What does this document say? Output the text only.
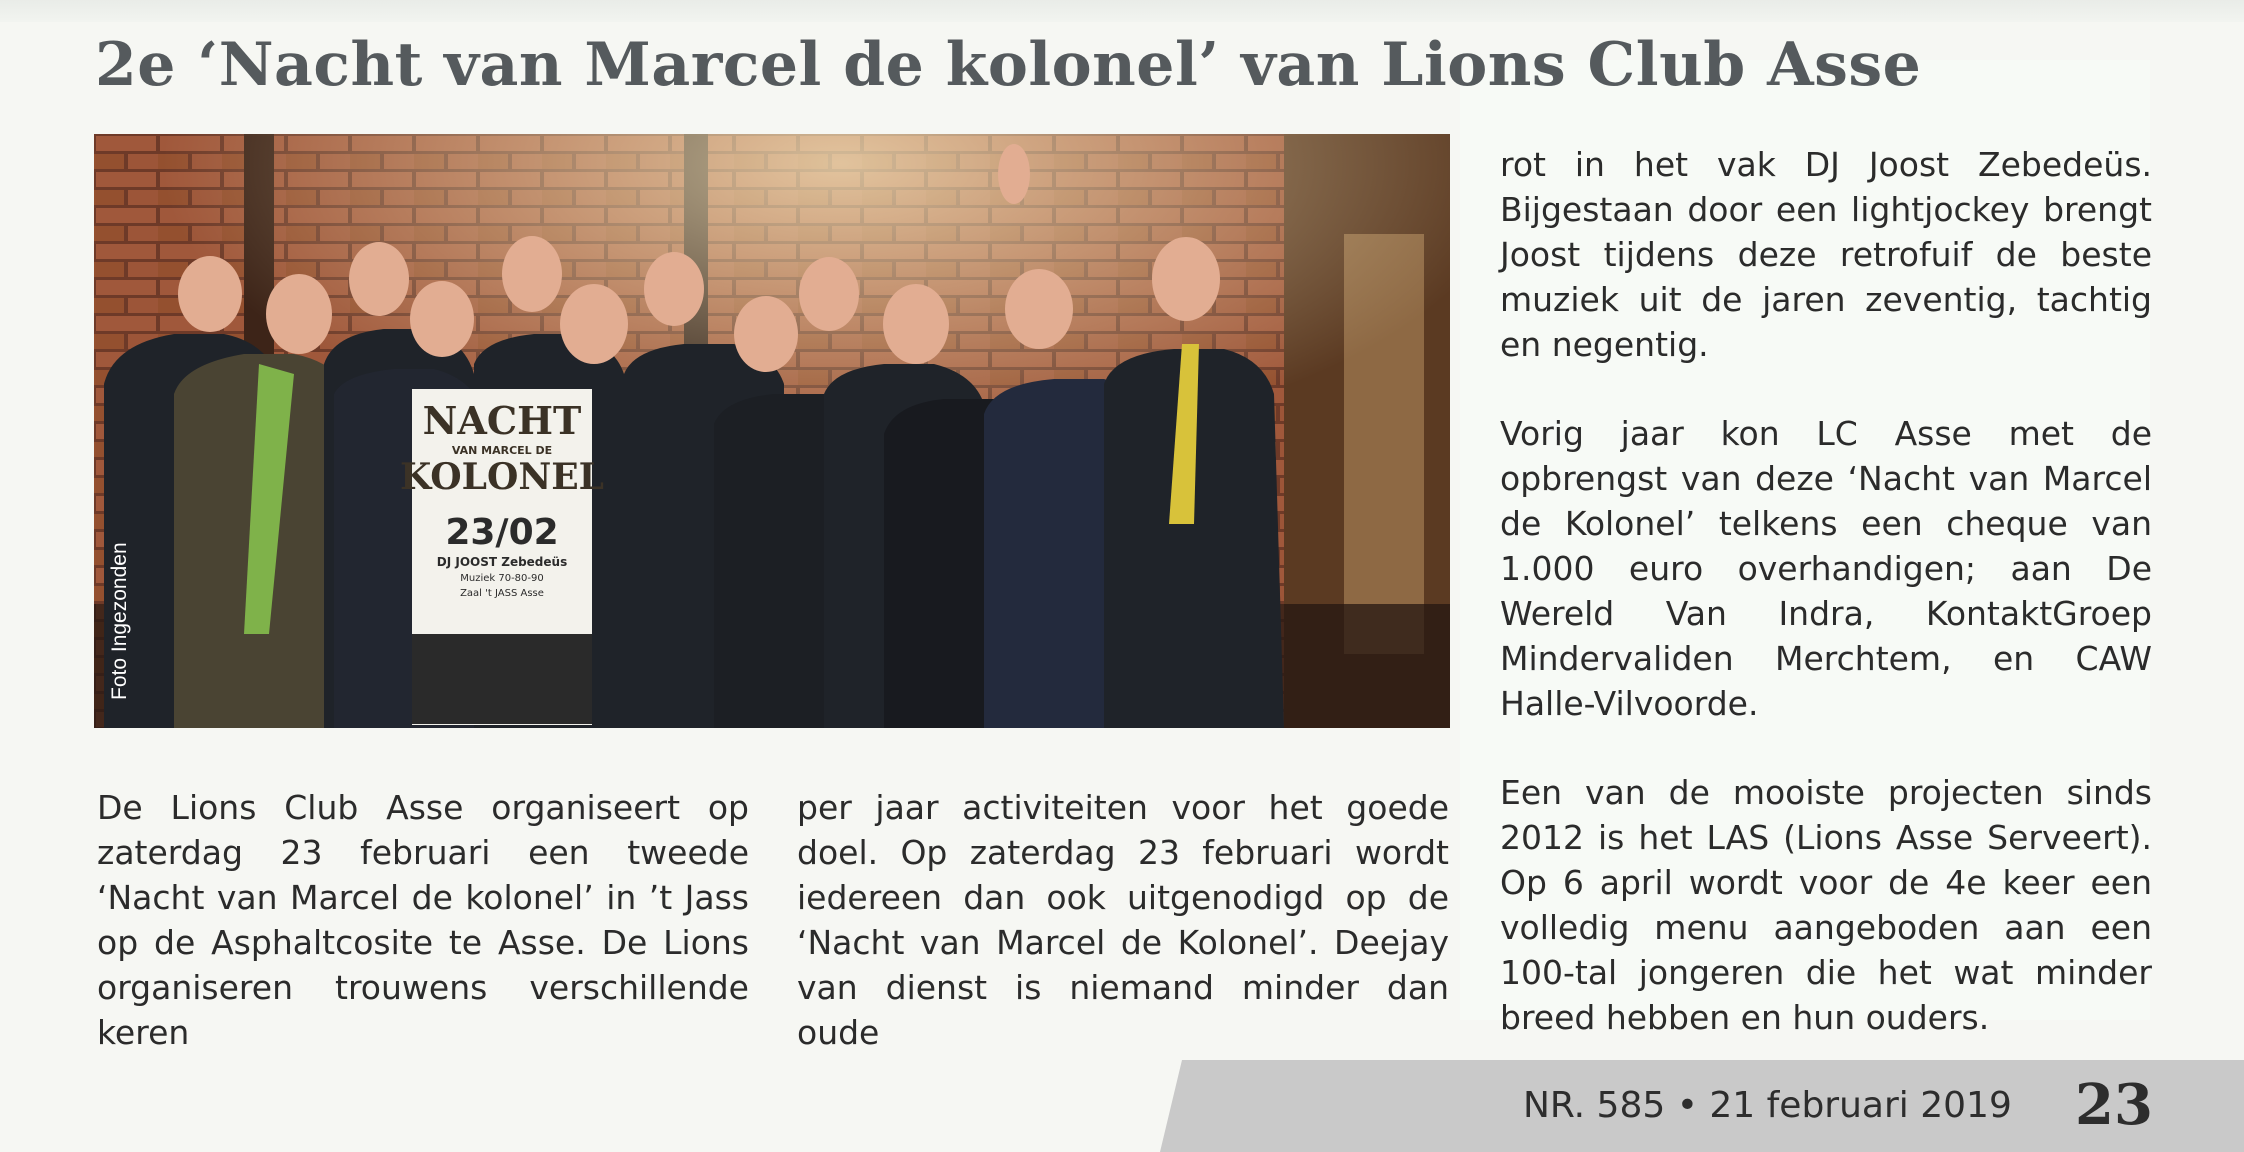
2e ‘Nacht van Marcel de kolonel’ van Lions Club Asse
NACHT
VAN MARCEL DE
KOLONEL
23/02
DJ JOOST Zebedeüs
Muziek 70-80-90
Zaal 't JASS Asse
Foto Ingezonden

De Lions Club Asse organiseert op zaterdag 23 februari een tweede ‘Nacht van Marcel de kolonel’ in ’t Jass op de Asphaltcosite te Asse. De Lions organiseren trouwens verschillende keren

per jaar activiteiten voor het goede doel. Op zaterdag 23 februari wordt iedereen dan ook uitgenodigd op de ‘Nacht van Marcel de Kolonel’. Deejay van dienst is niemand minder dan oude

rot in het vak DJ Joost Zebedeüs. Bijgestaan door een lightjockey brengt Joost tijdens deze retrofuif de beste muziek uit de jaren zeventig, tachtig en negentig.

Vorig jaar kon LC Asse met de opbrengst van deze ‘Nacht van Marcel de Kolonel’ telkens een cheque van 1.000 euro overhandigen; aan De Wereld Van Indra, KontaktGroep Mindervaliden Merchtem, en CAW Halle-Vilvoorde.

Een van de mooiste projecten sinds 2012 is het LAS (Lions Asse Serveert). Op 6 april wordt voor de 4e keer een volledig menu aangeboden aan een 100-tal jongeren die het wat minder breed hebben en hun ouders.

NR. 585 • 21 februari 2019 23
